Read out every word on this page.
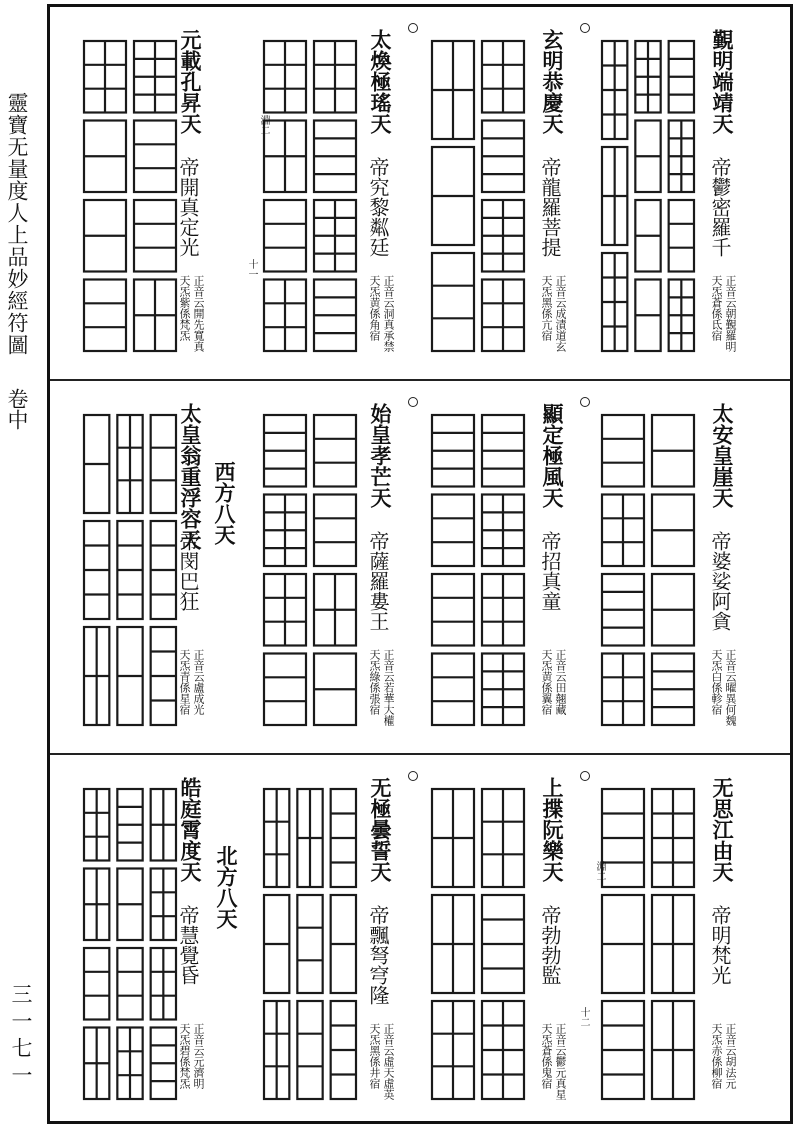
靈寶无量度人上品妙經符圖
卷中
三一七一
覲明端靖天
帝鬱密羅千
正音云朝覲羅明
天炁蒼係氐宿
玄明恭慶天
帝龍羅菩提
正音云成漬道玄
天炁黑係亢宿
太煥極瑤天
帝究黎粼廷
正音云洞真承禁
天炁黄係角宿
元載孔昇天
帝開真定光
正音云開先寬真
天炁紫係梵炁
西方八天	太安皇崖天
帝婆娑阿貪
正音云曜異何魏
天炁白係軫宿
顯定極風天
帝招真童
正音云田翹藏
天炁黄係翼宿
始皇孝芒天
帝薩羅婁王
正音云若華大權
天炁綠係張宿
太皇翁重浮容天
帝閔巴狂
正音云盧成光
天炁青係星宿
北方八天
无思江由天
帝明梵光
正音云胡法元
天炁赤係柳宿
上揲阮樂天
帝勃勃監
正音云鬱元真星
天炁蒼係鬼宿
无極曇誓天
帝飄弩穹隆
正音云虛天虛英
天炁黑係井宿
皓庭霄度天
帝慧覺昏
正音云元濟明
天炁碧係梵炁
淵二
十一
淵二
十二
